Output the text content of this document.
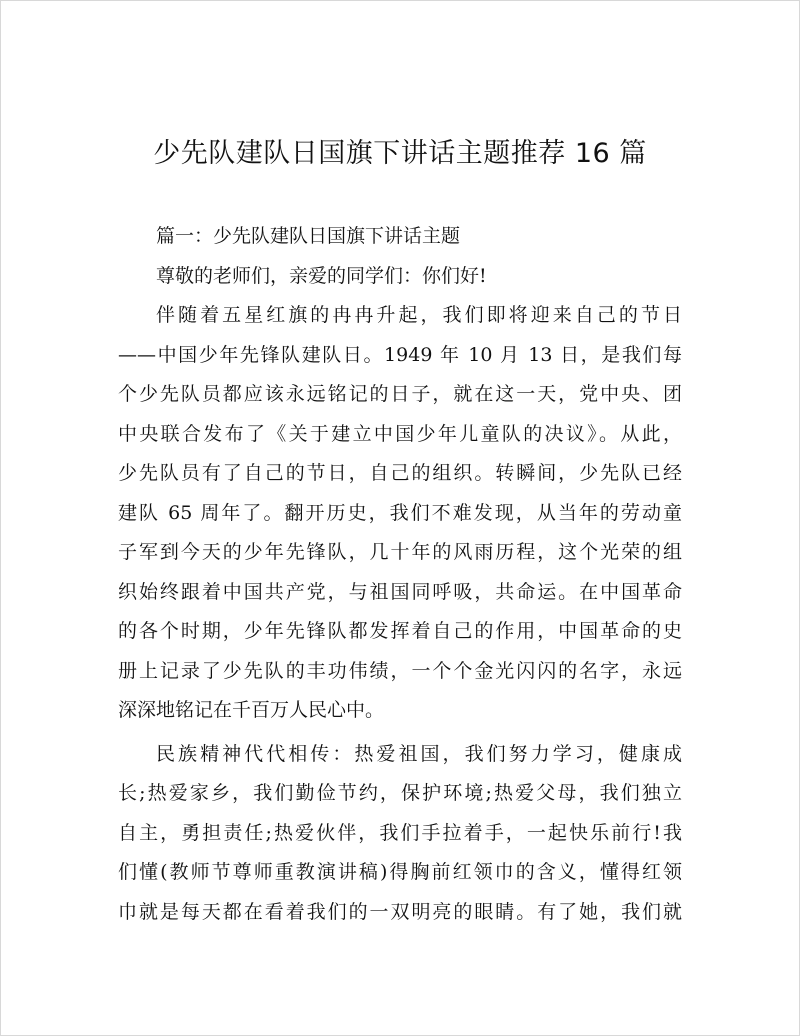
少先队建队日国旗下讲话主题推荐 16 篇
篇一：少先队建队日国旗下讲话主题
尊敬的老师们，亲爱的同学们：你们好!
伴随着五星红旗的冉冉升起，我们即将迎来自己的节日
——中国少年先锋队建队日。1949 年 10 月 13 日，是我们每
个少先队员都应该永远铭记的日子，就在这一天，党中央、团
中央联合发布了《关于建立中国少年儿童队的决议》。从此，
少先队员有了自己的节日，自己的组织。转瞬间，少先队已经
建队 65 周年了。翻开历史，我们不难发现，从当年的劳动童
子军到今天的少年先锋队，几十年的风雨历程，这个光荣的组
织始终跟着中国共产党，与祖国同呼吸，共命运。在中国革命
的各个时期，少年先锋队都发挥着自己的作用，中国革命的史
册上记录了少先队的丰功伟绩，一个个金光闪闪的名字，永远
深深地铭记在千百万人民心中。
民族精神代代相传：热爱祖国，我们努力学习，健康成
长;热爱家乡，我们勤俭节约，保护环境;热爱父母，我们独立
自主，勇担责任;热爱伙伴，我们手拉着手，一起快乐前行!我
们懂(教师节尊师重教演讲稿)得胸前红领巾的含义，懂得红领
巾就是每天都在看着我们的一双明亮的眼睛。有了她，我们就
